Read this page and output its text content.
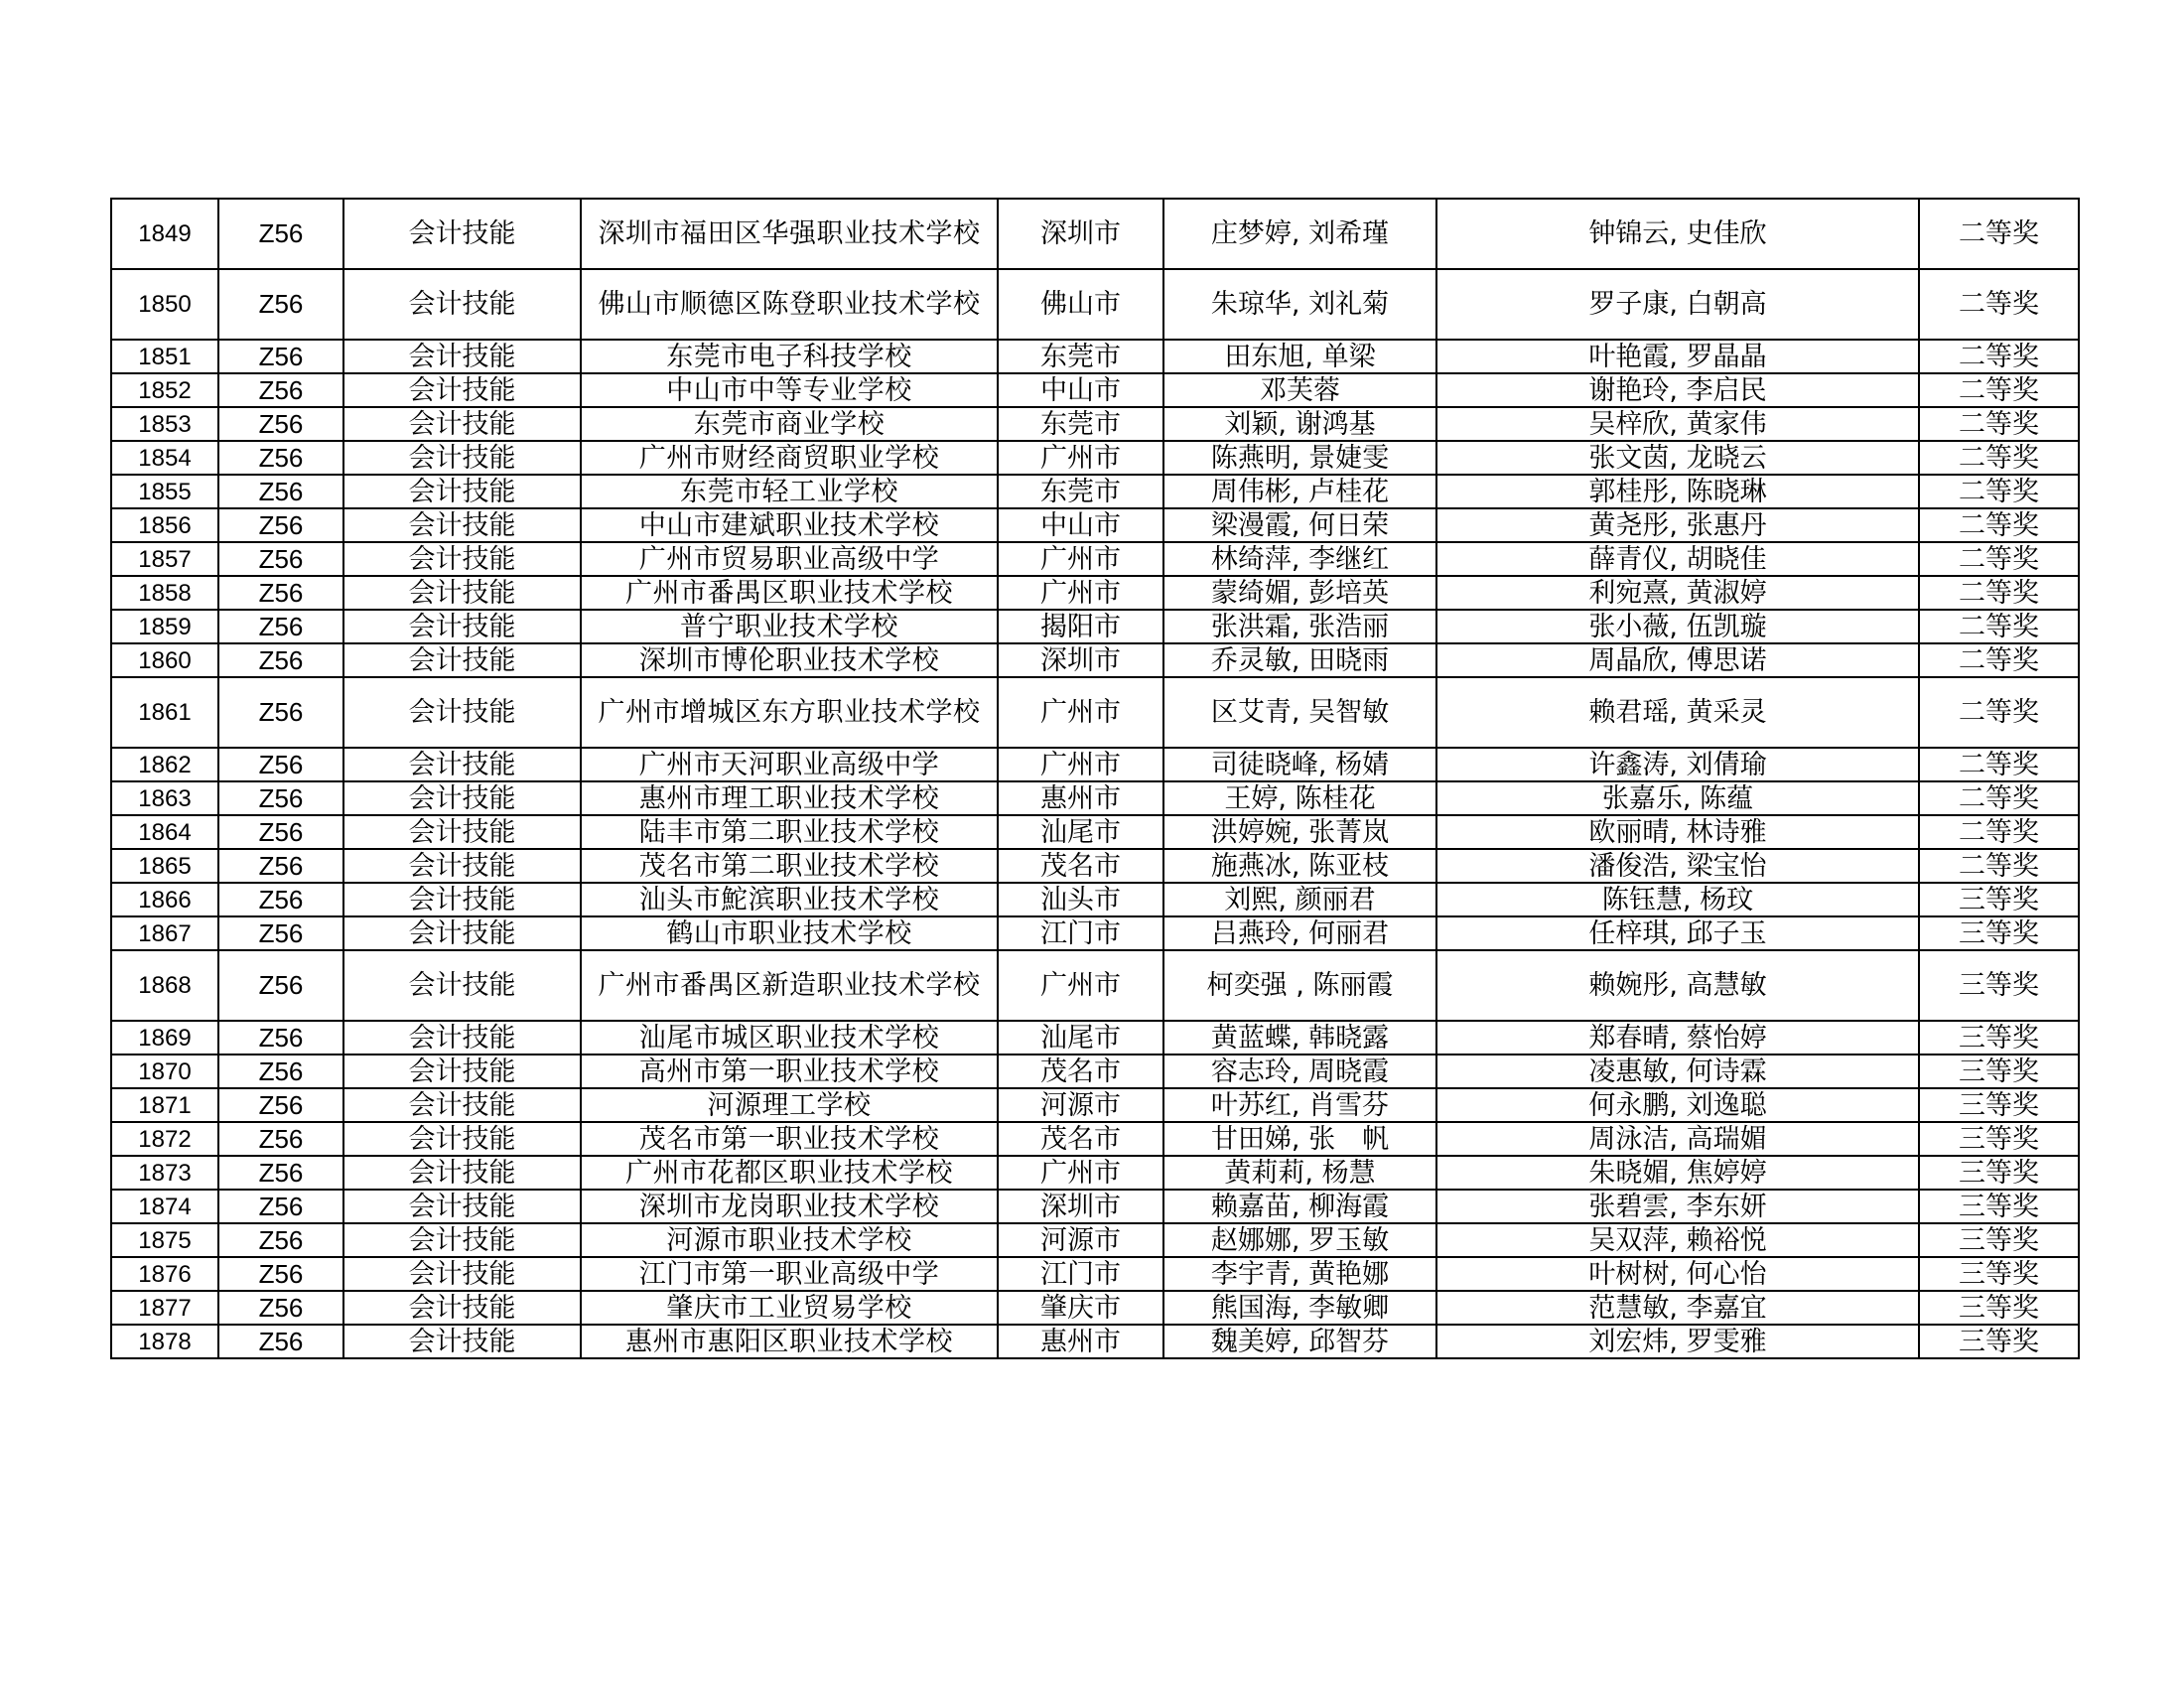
1849	Z56	会计技能	深圳市福田区华强职业技术学校	深圳市	庄梦婷, 刘希瑾	钟锦云, 史佳欣	二等奖
1850	Z56	会计技能	佛山市顺德区陈登职业技术学校	佛山市	朱琼华, 刘礼菊	罗子康, 白朝高	二等奖
1851	Z56	会计技能	东莞市电子科技学校	东莞市	田东旭, 单梁	叶艳霞, 罗晶晶	二等奖
1852	Z56	会计技能	中山市中等专业学校	中山市	邓芙蓉	谢艳玲, 李启民	二等奖
1853	Z56	会计技能	东莞市商业学校	东莞市	刘颖, 谢鸿基	吴梓欣, 黄家伟	二等奖
1854	Z56	会计技能	广州市财经商贸职业学校	广州市	陈燕明, 景婕雯	张文茵, 龙晓云	二等奖
1855	Z56	会计技能	东莞市轻工业学校	东莞市	周伟彬, 卢桂花	郭桂彤, 陈晓琳	二等奖
1856	Z56	会计技能	中山市建斌职业技术学校	中山市	梁漫霞, 何日荣	黄尧彤, 张惠丹	二等奖
1857	Z56	会计技能	广州市贸易职业高级中学	广州市	林绮萍, 李继红	薛青仪, 胡晓佳	二等奖
1858	Z56	会计技能	广州市番禺区职业技术学校	广州市	蒙绮媚, 彭培英	利宛熹, 黄淑婷	二等奖
1859	Z56	会计技能	普宁职业技术学校	揭阳市	张洪霜, 张浩丽	张小薇, 伍凯璇	二等奖
1860	Z56	会计技能	深圳市博伦职业技术学校	深圳市	乔灵敏, 田晓雨	周晶欣, 傅思诺	二等奖
1861	Z56	会计技能	广州市增城区东方职业技术学校	广州市	区艾青, 吴智敏	赖君瑶, 黄采灵	二等奖
1862	Z56	会计技能	广州市天河职业高级中学	广州市	司徒晓峰, 杨婧	许鑫涛, 刘倩瑜	二等奖
1863	Z56	会计技能	惠州市理工职业技术学校	惠州市	王婷, 陈桂花	张嘉乐, 陈蕴	二等奖
1864	Z56	会计技能	陆丰市第二职业技术学校	汕尾市	洪婷婉, 张菁岚	欧丽晴, 林诗雅	二等奖
1865	Z56	会计技能	茂名市第二职业技术学校	茂名市	施燕冰, 陈亚枝	潘俊浩, 梁宝怡	二等奖
1866	Z56	会计技能	汕头市鮀滨职业技术学校	汕头市	刘熙, 颜丽君	陈钰慧, 杨玟	三等奖
1867	Z56	会计技能	鹤山市职业技术学校	江门市	吕燕玲, 何丽君	任梓琪, 邱子玉	三等奖
1868	Z56	会计技能	广州市番禺区新造职业技术学校	广州市	柯奕强 , 陈丽霞	赖婉彤, 高慧敏	三等奖
1869	Z56	会计技能	汕尾市城区职业技术学校	汕尾市	黄蓝蝶, 韩晓露	郑春晴, 蔡怡婷	三等奖
1870	Z56	会计技能	高州市第一职业技术学校	茂名市	容志玲, 周晓霞	凌惠敏, 何诗霖	三等奖
1871	Z56	会计技能	河源理工学校	河源市	叶苏红, 肖雪芬	何永鹏, 刘逸聪	三等奖
1872	Z56	会计技能	茂名市第一职业技术学校	茂名市	甘田娣, 张　帆	周泳洁, 高瑞媚	三等奖
1873	Z56	会计技能	广州市花都区职业技术学校	广州市	黄莉莉, 杨慧	朱晓媚, 焦婷婷	三等奖
1874	Z56	会计技能	深圳市龙岗职业技术学校	深圳市	赖嘉苗, 柳海霞	张碧雲, 李东妍	三等奖
1875	Z56	会计技能	河源市职业技术学校	河源市	赵娜娜, 罗玉敏	吴双萍, 赖裕悦	三等奖
1876	Z56	会计技能	江门市第一职业高级中学	江门市	李宇青, 黄艳娜	叶树树, 何心怡	三等奖
1877	Z56	会计技能	肇庆市工业贸易学校	肇庆市	熊国海, 李敏卿	范慧敏, 李嘉宜	三等奖
1878	Z56	会计技能	惠州市惠阳区职业技术学校	惠州市	魏美婷, 邱智芬	刘宏炜, 罗雯雅	三等奖
